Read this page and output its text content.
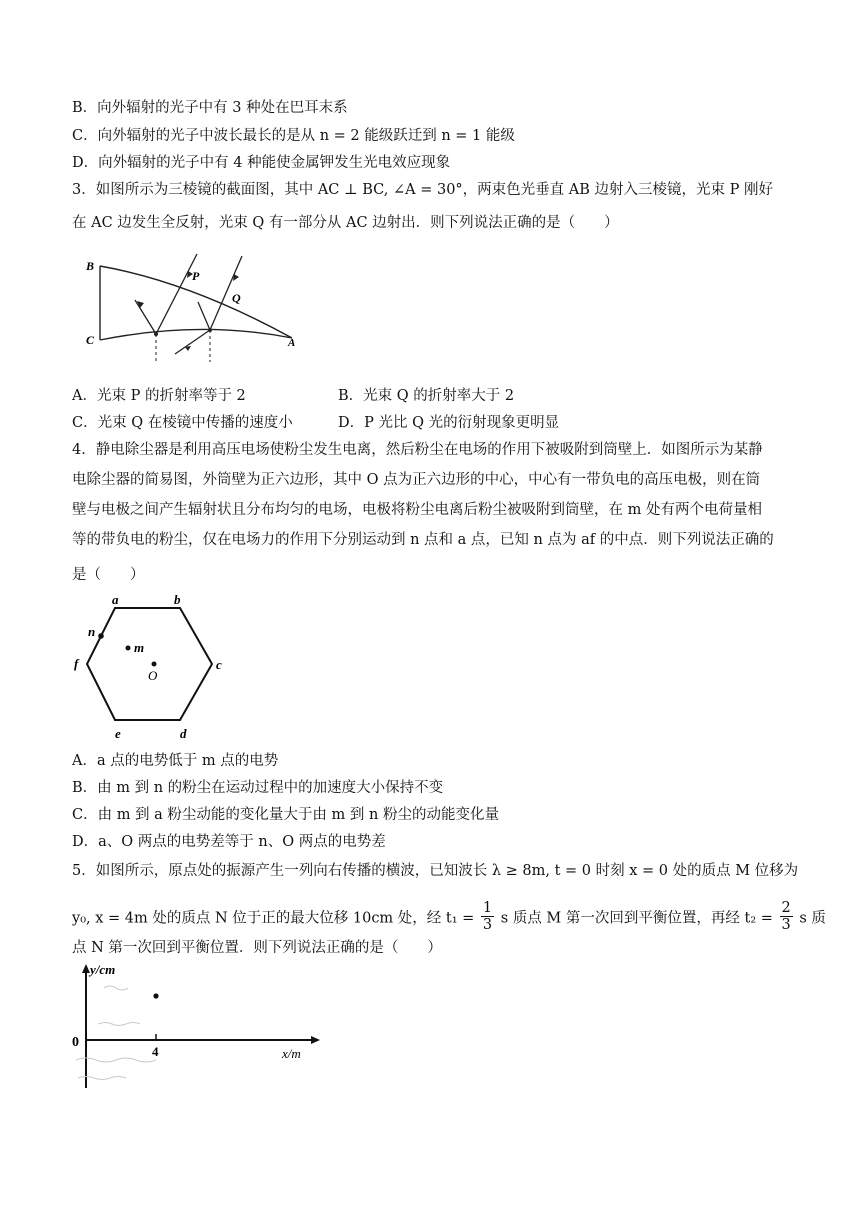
B．向外辐射的光子中有 3 种处在巴耳末系
C．向外辐射的光子中波长最长的是从 n = 2 能级跃迁到 n = 1 能级
D．向外辐射的光子中有 4 种能使金属钾发生光电效应现象
3．如图所示为三棱镜的截面图，其中 AC ⊥ BC, ∠A = 30°，两束色光垂直 AB 边射入三棱镜，光束 P 刚好
在 AC 边发生全反射，光束 Q 有一部分从 AC 边射出．则下列说法正确的是（　　）
B
C	A
P
Q
A．光束 P 的折射率等于 2	B．光束 Q 的折射率大于 2
C．光束 Q 在棱镜中传播的速度小	D．P 光比 Q 光的衍射现象更明显
4．静电除尘器是利用高压电场使粉尘发生电离，然后粉尘在电场的作用下被吸附到筒壁上．如图所示为某静
电除尘器的简易图，外筒壁为正六边形，其中 O 点为正六边形的中心，中心有一带负电的高压电极，则在筒
壁与电极之间产生辐射状且分布均匀的电场，电极将粉尘电离后粉尘被吸附到筒壁，在 m 处有两个电荷量相
等的带负电的粉尘，仅在电场力的作用下分别运动到 n 点和 a 点，已知 n 点为 af 的中点．则下列说法正确的
是（　　）
a	b
c
d
e
f
n
m
O
A．a 点的电势低于 m 点的电势
B．由 m 到 n 的粉尘在运动过程中的加速度大小保持不变
C．由 m 到 a 粉尘动能的变化量大于由 m 到 n 粉尘的动能变化量
D．a、O 两点的电势差等于 n、O 两点的电势差
5．如图所示，原点处的振源产生一列向右传播的横波，已知波长 λ ≥ 8m, t = 0 时刻 x = 0 处的质点 M 位移为
y₀, x = 4m 处的质点 N 位于正的最大位移 10cm 处，经 $t_1 = \frac{1}{3}$ s 质点 M 第一次回到平衡位置，再经 $t_2 = \frac{2}{3}$ s 质
点 N 第一次回到平衡位置．则下列说法正确的是（　　）
y/cm
x/m
0
4
